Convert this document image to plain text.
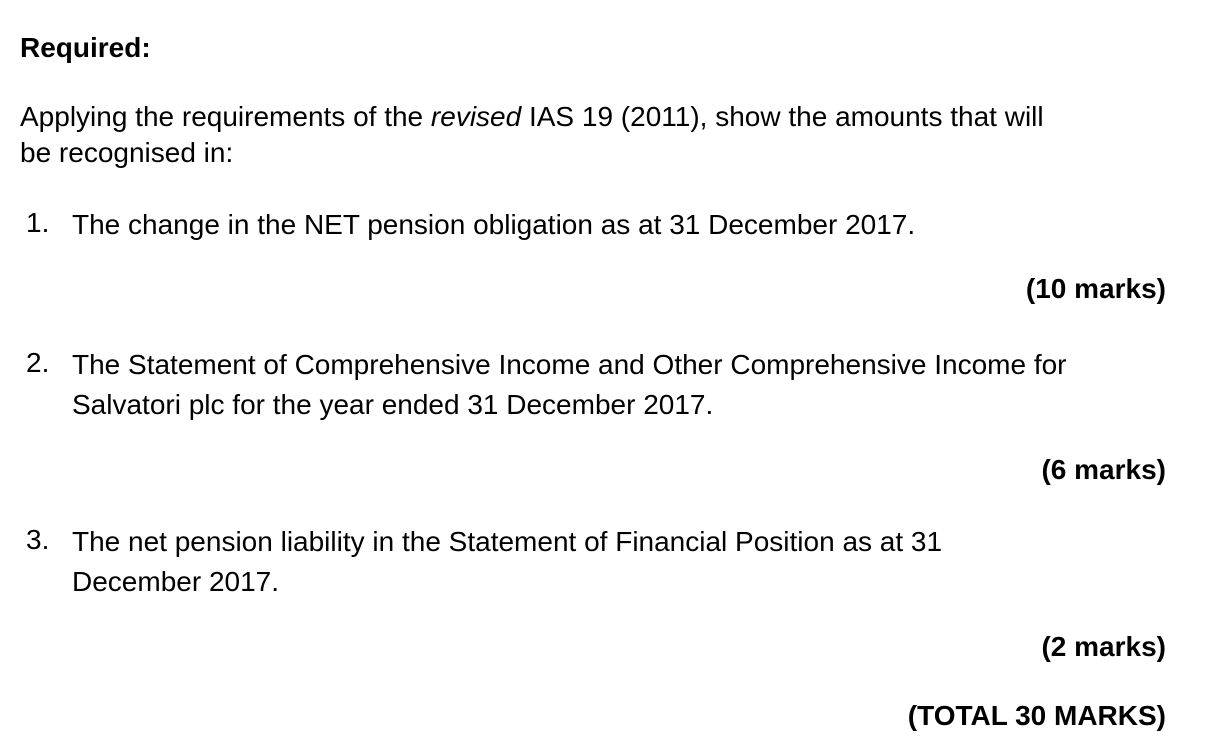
Required:
Applying the requirements of the revised IAS 19 (2011), show the amounts that will
be recognised in:
1. The change in the NET pension obligation as at 31 December 2017.
(10 marks)
2. The Statement of Comprehensive Income and Other Comprehensive Income for
Salvatori plc for the year ended 31 December 2017.
(6 marks)
3. The net pension liability in the Statement of Financial Position as at 31
December 2017.
(2 marks)
(TOTAL 30 MARKS)
